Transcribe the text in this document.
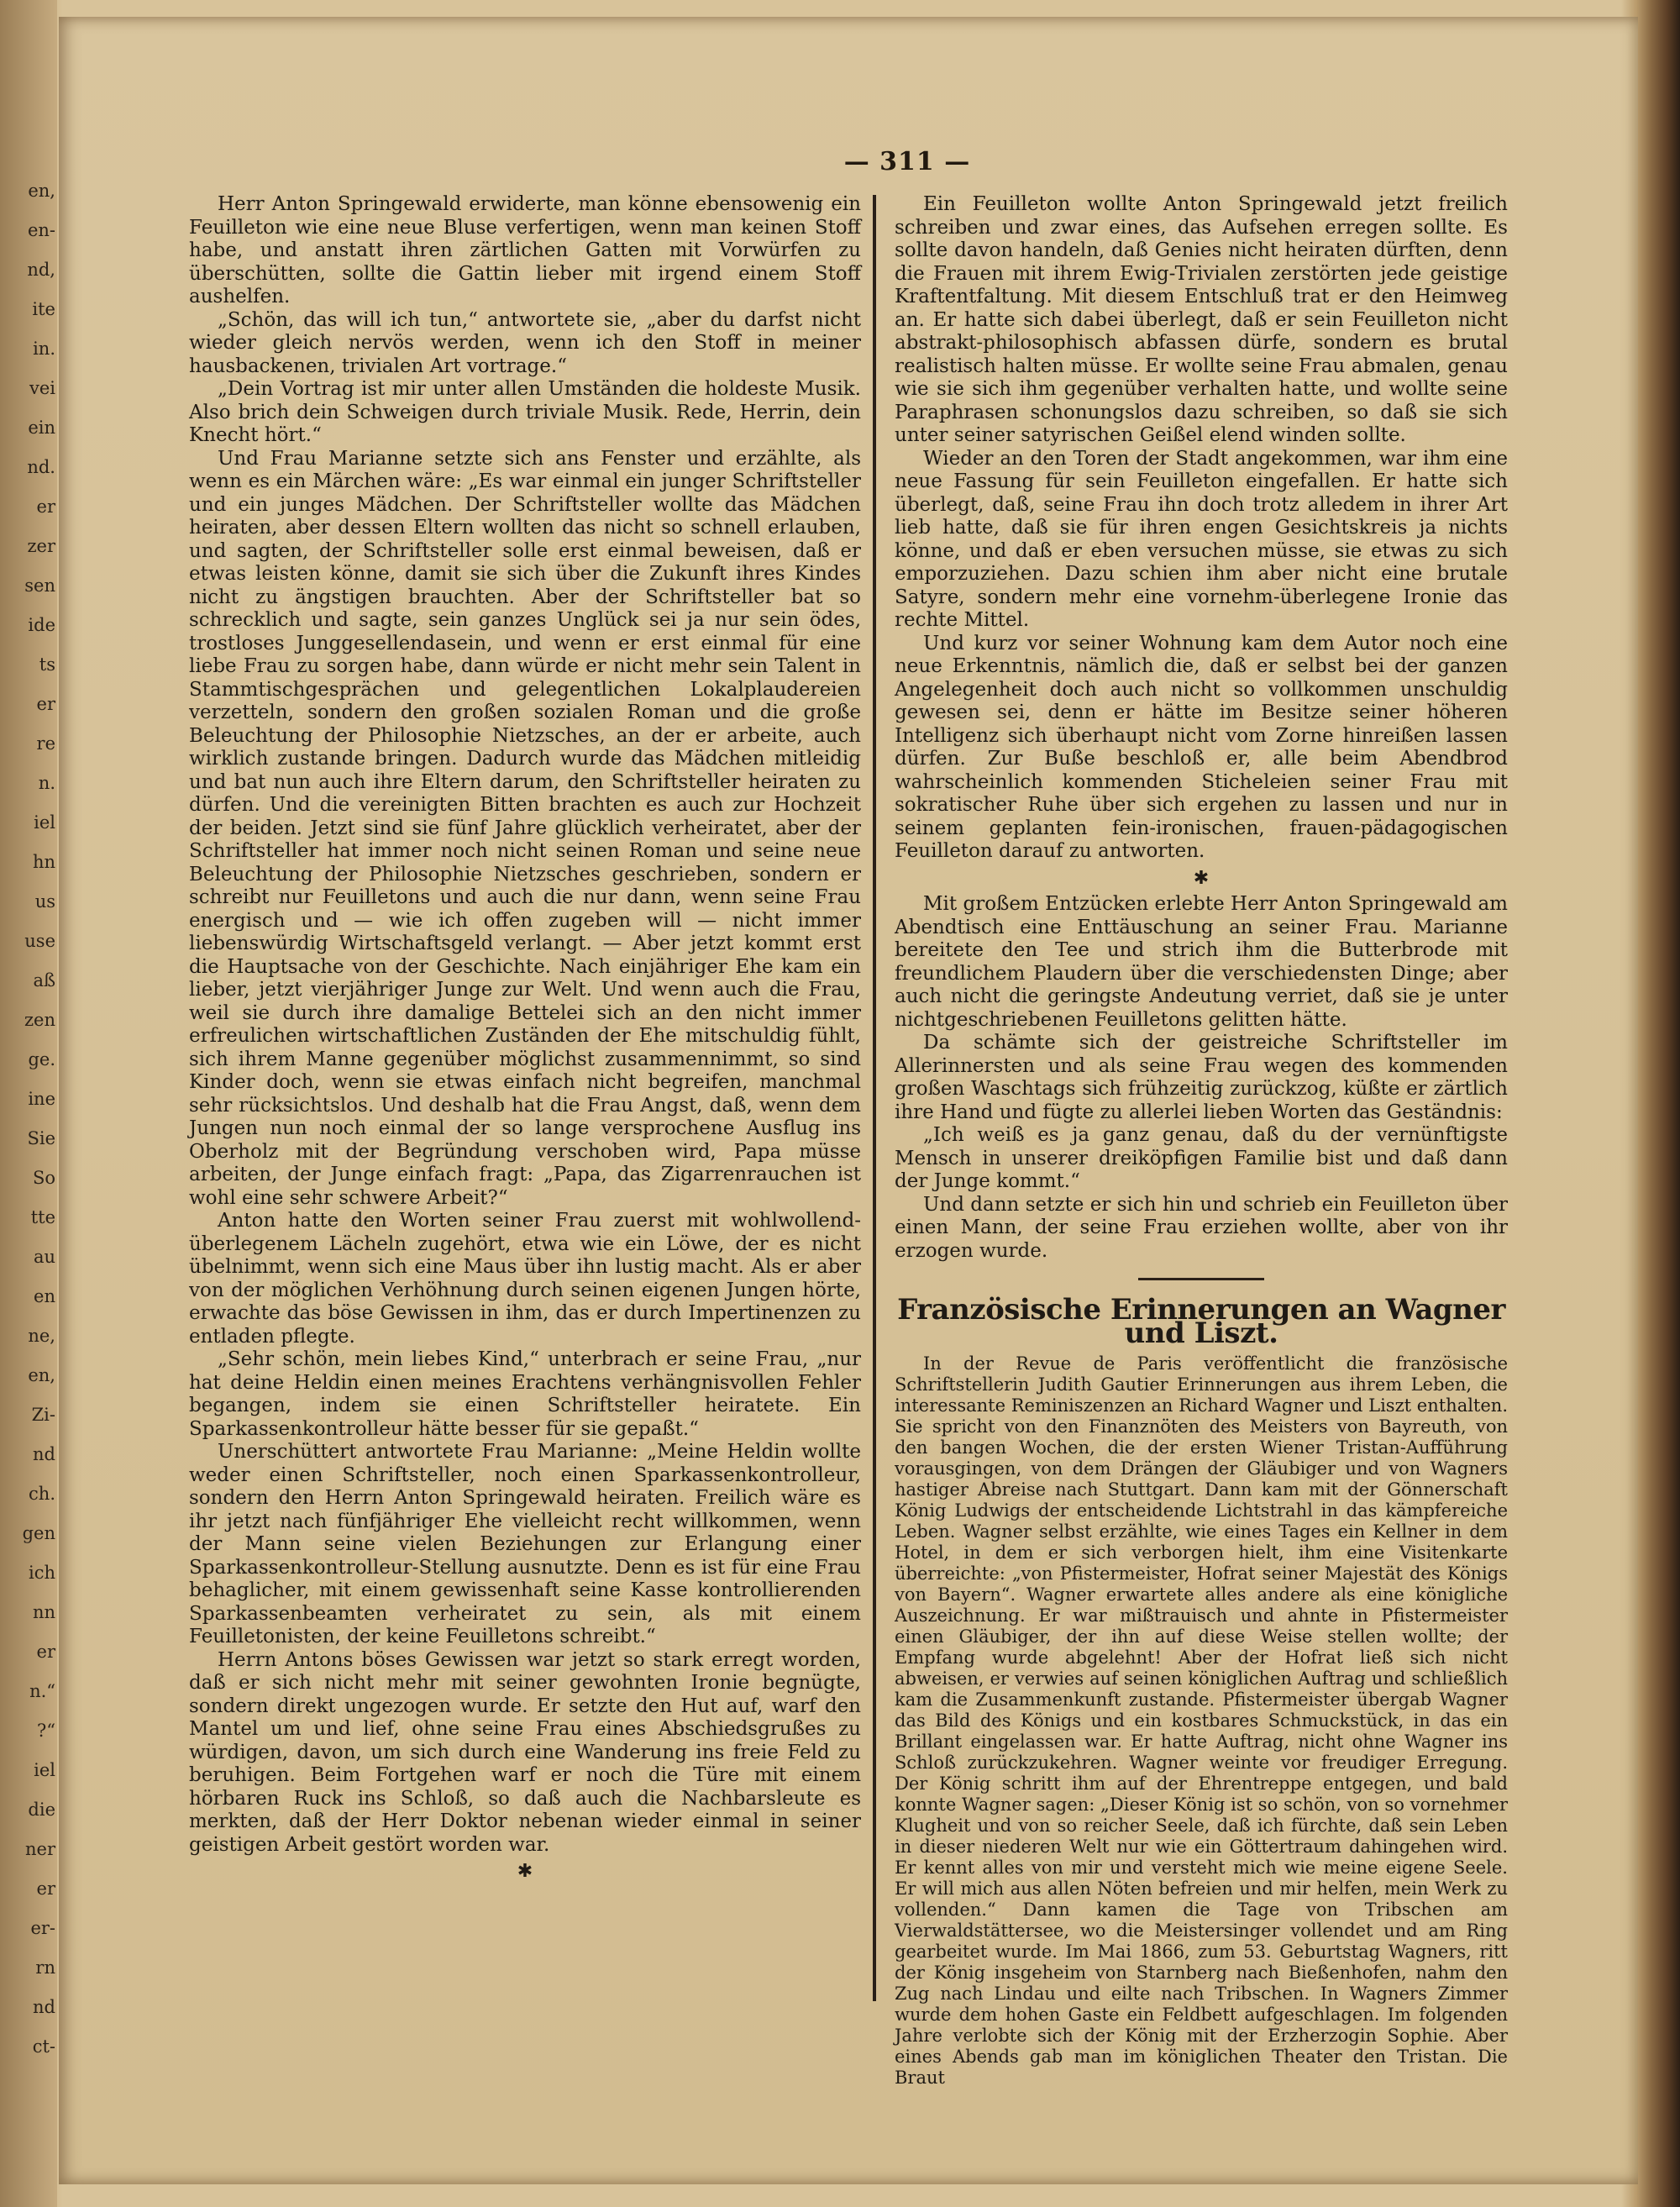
en,
en-
nd,
ite
in.
vei
ein
nd.
er
zer
sen
ide
ts
er
re
n.
iel
hn
us
use
aß
zen
ge.
ine
Sie
So
tte
au
en
ne,
en,
Zi-
nd
ch.
gen
ich
nn
er
n.“
?“
iel
die
ner
er
er-
rn
nd
ct-
— 311 —

Herr Anton Springewald erwiderte, man könne ebensowenig ein Feuilleton wie eine neue Bluse verfertigen, wenn man keinen Stoff habe, und anstatt ihren zärtlichen Gatten mit Vorwürfen zu überschütten, sollte die Gattin lieber mit irgend einem Stoff aushelfen.

„Schön, das will ich tun,“ antwortete sie, „aber du darfst nicht wieder gleich nervös werden, wenn ich den Stoff in meiner hausbackenen, trivialen Art vortrage.“

„Dein Vortrag ist mir unter allen Umständen die holdeste Musik. Also brich dein Schweigen durch triviale Musik. Rede, Herrin, dein Knecht hört.“

Und Frau Marianne setzte sich ans Fenster und erzählte, als wenn es ein Märchen wäre: „Es war einmal ein junger Schriftsteller und ein junges Mädchen. Der Schriftsteller wollte das Mädchen heiraten, aber dessen Eltern wollten das nicht so schnell erlauben, und sagten, der Schriftsteller solle erst einmal beweisen, daß er etwas leisten könne, damit sie sich über die Zukunft ihres Kindes nicht zu ängstigen brauchten. Aber der Schriftsteller bat so schrecklich und sagte, sein ganzes Unglück sei ja nur sein ödes, trostloses Junggesellendasein, und wenn er erst einmal für eine liebe Frau zu sorgen habe, dann würde er nicht mehr sein Talent in Stammtischgesprächen und gelegentlichen Lokalplaudereien verzetteln, sondern den großen sozialen Roman und die große Beleuchtung der Philosophie Nietzsches, an der er arbeite, auch wirklich zustande bringen. Dadurch wurde das Mädchen mitleidig und bat nun auch ihre Eltern darum, den Schriftsteller heiraten zu dürfen. Und die vereinigten Bitten brachten es auch zur Hochzeit der beiden. Jetzt sind sie fünf Jahre glücklich verheiratet, aber der Schriftsteller hat immer noch nicht seinen Roman und seine neue Beleuchtung der Philosophie Nietzsches geschrieben, sondern er schreibt nur Feuilletons und auch die nur dann, wenn seine Frau energisch und — wie ich offen zugeben will — nicht immer liebenswürdig Wirtschaftsgeld verlangt. — Aber jetzt kommt erst die Hauptsache von der Geschichte. Nach einjähriger Ehe kam ein lieber, jetzt vierjähriger Junge zur Welt. Und wenn auch die Frau, weil sie durch ihre damalige Bettelei sich an den nicht immer erfreulichen wirtschaftlichen Zuständen der Ehe mitschuldig fühlt, sich ihrem Manne gegenüber möglichst zusammennimmt, so sind Kinder doch, wenn sie etwas einfach nicht begreifen, manchmal sehr rücksichtslos. Und deshalb hat die Frau Angst, daß, wenn dem Jungen nun noch einmal der so lange versprochene Ausflug ins Oberholz mit der Begründung verschoben wird, Papa müsse arbeiten, der Junge einfach fragt: „Papa, das Zigarrenrauchen ist wohl eine sehr schwere Arbeit?“

Anton hatte den Worten seiner Frau zuerst mit wohlwollend-überlegenem Lächeln zugehört, etwa wie ein Löwe, der es nicht übelnimmt, wenn sich eine Maus über ihn lustig macht. Als er aber von der möglichen Verhöhnung durch seinen eigenen Jungen hörte, erwachte das böse Gewissen in ihm, das er durch Impertinenzen zu entladen pflegte.

„Sehr schön, mein liebes Kind,“ unterbrach er seine Frau, „nur hat deine Heldin einen meines Erachtens verhängnisvollen Fehler begangen, indem sie einen Schriftsteller heiratete. Ein Sparkassenkontrolleur hätte besser für sie gepaßt.“

Unerschüttert antwortete Frau Marianne: „Meine Heldin wollte weder einen Schriftsteller, noch einen Sparkassenkontrolleur, sondern den Herrn Anton Springewald heiraten. Freilich wäre es ihr jetzt nach fünfjähriger Ehe vielleicht recht willkommen, wenn der Mann seine vielen Beziehungen zur Erlangung einer Sparkassenkontrolleur-Stellung ausnutzte. Denn es ist für eine Frau behaglicher, mit einem gewissenhaft seine Kasse kontrollierenden Sparkassenbeamten verheiratet zu sein, als mit einem Feuilletonisten, der keine Feuilletons schreibt.“

Herrn Antons böses Gewissen war jetzt so stark erregt worden, daß er sich nicht mehr mit seiner gewohnten Ironie begnügte, sondern direkt ungezogen wurde. Er setzte den Hut auf, warf den Mantel um und lief, ohne seine Frau eines Abschiedsgrußes zu würdigen, davon, um sich durch eine Wanderung ins freie Feld zu beruhigen. Beim Fortgehen warf er noch die Türe mit einem hörbaren Ruck ins Schloß, so daß auch die Nachbarsleute es merkten, daß der Herr Doktor nebenan wieder einmal in seiner geistigen Arbeit gestört worden war.

✱

Ein Feuilleton wollte Anton Springewald jetzt freilich schreiben und zwar eines, das Aufsehen erregen sollte. Es sollte davon handeln, daß Genies nicht heiraten dürften, denn die Frauen mit ihrem Ewig-Trivialen zerstörten jede geistige Kraftentfaltung. Mit diesem Entschluß trat er den Heimweg an. Er hatte sich dabei überlegt, daß er sein Feuilleton nicht abstrakt-philosophisch abfassen dürfe, sondern es brutal realistisch halten müsse. Er wollte seine Frau abmalen, genau wie sie sich ihm gegenüber verhalten hatte, und wollte seine Paraphrasen schonungslos dazu schreiben, so daß sie sich unter seiner satyrischen Geißel elend winden sollte.

Wieder an den Toren der Stadt angekommen, war ihm eine neue Fassung für sein Feuilleton eingefallen. Er hatte sich überlegt, daß, seine Frau ihn doch trotz alledem in ihrer Art lieb hatte, daß sie für ihren engen Gesichtskreis ja nichts könne, und daß er eben versuchen müsse, sie etwas zu sich emporzuziehen. Dazu schien ihm aber nicht eine brutale Satyre, sondern mehr eine vornehm-überlegene Ironie das rechte Mittel.

Und kurz vor seiner Wohnung kam dem Autor noch eine neue Erkenntnis, nämlich die, daß er selbst bei der ganzen Angelegenheit doch auch nicht so vollkommen unschuldig gewesen sei, denn er hätte im Besitze seiner höheren Intelligenz sich überhaupt nicht vom Zorne hinreißen lassen dürfen. Zur Buße beschloß er, alle beim Abendbrod wahrscheinlich kommenden Sticheleien seiner Frau mit sokratischer Ruhe über sich ergehen zu lassen und nur in seinem geplanten fein-ironischen, frauen-pädagogischen Feuilleton darauf zu antworten.

✱

Mit großem Entzücken erlebte Herr Anton Springewald am Abendtisch eine Enttäuschung an seiner Frau. Marianne bereitete den Tee und strich ihm die Butterbrode mit freundlichem Plaudern über die verschiedensten Dinge; aber auch nicht die geringste Andeutung verriet, daß sie je unter nichtgeschriebenen Feuilletons gelitten hätte.

Da schämte sich der geistreiche Schriftsteller im Allerinnersten und als seine Frau wegen des kommenden großen Waschtags sich frühzeitig zurückzog, küßte er zärtlich ihre Hand und fügte zu allerlei lieben Worten das Geständnis:

„Ich weiß es ja ganz genau, daß du der vernünftigste Mensch in unserer dreiköpfigen Familie bist und daß dann der Junge kommt.“

Und dann setzte er sich hin und schrieb ein Feuilleton über einen Mann, der seine Frau erziehen wollte, aber von ihr erzogen wurde.

Französische Erinnerungen an Wagner und Liszt.

In der Revue de Paris veröffentlicht die französische Schriftstellerin Judith Gautier Erinnerungen aus ihrem Leben, die interessante Reminiszenzen an Richard Wagner und Liszt enthalten. Sie spricht von den Finanznöten des Meisters von Bayreuth, von den bangen Wochen, die der ersten Wiener Tristan-Aufführung vorausgingen, von dem Drängen der Gläubiger und von Wagners hastiger Abreise nach Stuttgart. Dann kam mit der Gönnerschaft König Ludwigs der entscheidende Lichtstrahl in das kämpfereiche Leben. Wagner selbst erzählte, wie eines Tages ein Kellner in dem Hotel, in dem er sich verborgen hielt, ihm eine Visitenkarte überreichte: „von Pfistermeister, Hofrat seiner Majestät des Königs von Bayern“. Wagner erwartete alles andere als eine königliche Auszeichnung. Er war mißtrauisch und ahnte in Pfistermeister einen Gläubiger, der ihn auf diese Weise stellen wollte; der Empfang wurde abgelehnt! Aber der Hofrat ließ sich nicht abweisen, er verwies auf seinen königlichen Auftrag und schließlich kam die Zusammenkunft zustande. Pfistermeister übergab Wagner das Bild des Königs und ein kostbares Schmuckstück, in das ein Brillant eingelassen war. Er hatte Auftrag, nicht ohne Wagner ins Schloß zurückzukehren. Wagner weinte vor freudiger Erregung. Der König schritt ihm auf der Ehrentreppe entgegen, und bald konnte Wagner sagen: „Dieser König ist so schön, von so vornehmer Klugheit und von so reicher Seele, daß ich fürchte, daß sein Leben in dieser niederen Welt nur wie ein Göttertraum dahingehen wird. Er kennt alles von mir und versteht mich wie meine eigene Seele. Er will mich aus allen Nöten befreien und mir helfen, mein Werk zu vollenden.“ Dann kamen die Tage von Tribschen am Vierwaldstättersee, wo die Meistersinger vollendet und am Ring gearbeitet wurde. Im Mai 1866, zum 53. Geburtstag Wagners, ritt der König insgeheim von Starnberg nach Bießenhofen, nahm den Zug nach Lindau und eilte nach Tribschen. In Wagners Zimmer wurde dem hohen Gaste ein Feldbett aufgeschlagen. Im folgenden Jahre verlobte sich der König mit der Erzherzogin Sophie. Aber eines Abends gab man im königlichen Theater den Tristan. Die Braut
